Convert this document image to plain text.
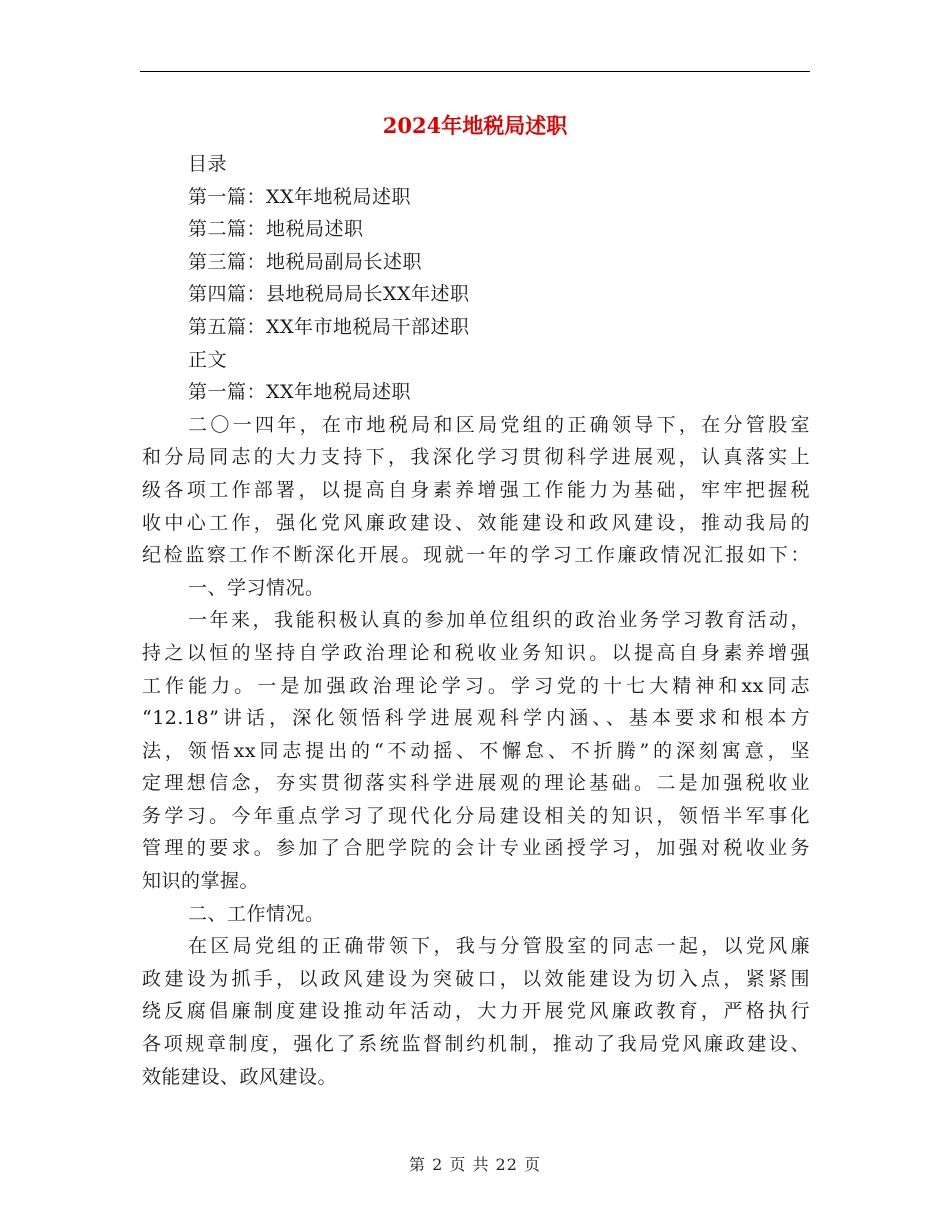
2024年地税局述职
目录
第一篇：XX年地税局述职
第二篇：地税局述职
第三篇：地税局副局长述职
第四篇：县地税局局长XX年述职
第五篇：XX年市地税局干部述职
正文
第一篇：XX年地税局述职
二〇一四年，在市地税局和区局党组的正确领导下，在分管股室
和分局同志的大力支持下，我深化学习贯彻科学进展观，认真落实上
级各项工作部署，以提高自身素养增强工作能力为基础，牢牢把握税
收中心工作，强化党风廉政建设、效能建设和政风建设，推动我局的
纪检监察工作不断深化开展。现就一年的学习工作廉政情况汇报如下：
一、学习情况。
一年来，我能积极认真的参加单位组织的政治业务学习教育活动，
持之以恒的坚持自学政治理论和税收业务知识。以提高自身素养增强
工作能力。一是加强政治理论学习。学习党的十七大精神和xx同志
“12.18”讲话，深化领悟科学进展观科学内涵、、基本要求和根本方
法，领悟xx同志提出的“不动摇、不懈怠、不折腾”的深刻寓意，坚
定理想信念，夯实贯彻落实科学进展观的理论基础。二是加强税收业
务学习。今年重点学习了现代化分局建设相关的知识，领悟半军事化
管理的要求。参加了合肥学院的会计专业函授学习，加强对税收业务
知识的掌握。
二、工作情况。
在区局党组的正确带领下，我与分管股室的同志一起，以党风廉
政建设为抓手，以政风建设为突破口，以效能建设为切入点，紧紧围
绕反腐倡廉制度建设推动年活动，大力开展党风廉政教育，严格执行
各项规章制度，强化了系统监督制约机制，推动了我局党风廉政建设、
效能建设、政风建设。
第 2 页 共 22 页
